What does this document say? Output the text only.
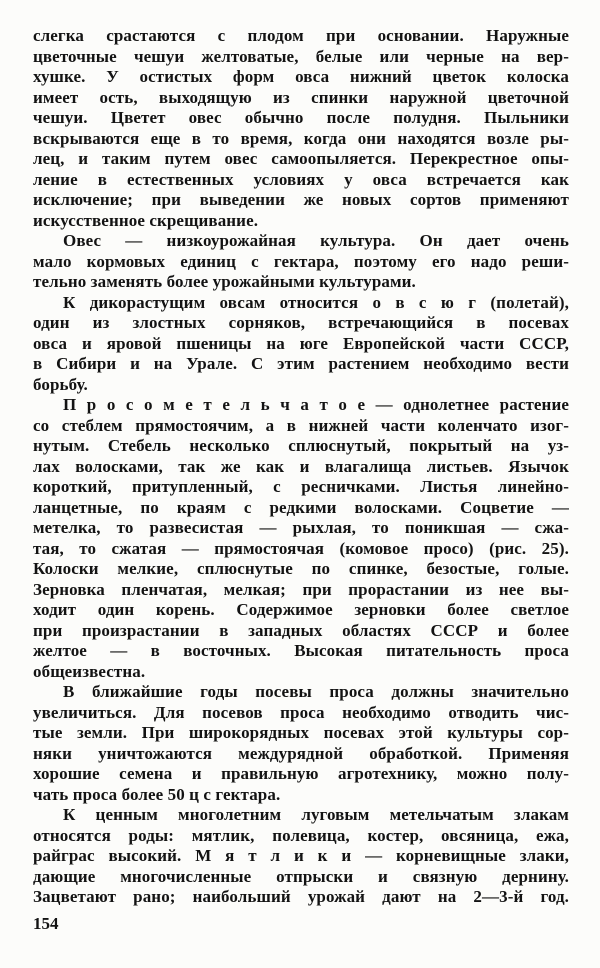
слегка срастаются с плодом при основании. Наружные
цветочные чешуи желтоватые, белые или черные на вер-
хушке. У остистых форм овса нижний цветок колоска
имеет ость, выходящую из спинки наружной цветочной
чешуи. Цветет овес обычно после полудня. Пыльники
вскрываются еще в то время, когда они находятся возле ры-
лец, и таким путем овес самоопыляется. Перекрестное опы-
ление в естественных условиях у овса встречается как
исключение; при выведении же новых сортов применяют
искусственное скрещивание.
Овес — низкоурожайная культура. Он дает очень
мало кормовых единиц с гектара, поэтому его надо реши-
тельно заменять более урожайными культурами.
К дикорастущим овсам относится о в с ю г (полетай),
один из злостных сорняков, встречающийся в посевах
овса и яровой пшеницы на юге Европейской части СССР,
в Сибири и на Урале. С этим растением необходимо вести
борьбу.
П р о с о м е т е л ь ч а т о е — однолетнее растение
со стеблем прямостоячим, а в нижней части коленчато изог-
нутым. Стебель несколько сплюснутый, покрытый на уз-
лах волосками, так же как и влагалища листьев. Язычок
короткий, притупленный, с ресничками. Листья линейно-
ланцетные, по краям с редкими волосками. Соцветие —
метелка, то развесистая — рыхлая, то поникшая — сжа-
тая, то сжатая — прямостоячая (комовое просо) (рис. 25).
Колоски мелкие, сплюснутые по спинке, безостые, голые.
Зерновка пленчатая, мелкая; при прорастании из нее вы-
ходит один корень. Содержимое зерновки более светлое
при произрастании в западных областях СССР и более
желтое — в восточных. Высокая питательность проса
общеизвестна.
В ближайшие годы посевы проса должны значительно
увеличиться. Для посевов проса необходимо отводить чис-
тые земли. При широкорядных посевах этой культуры сор-
няки уничтожаются междурядной обработкой. Применяя
хорошие семена и правильную агротехнику, можно полу-
чать проса более 50 ц с гектара.
К ценным многолетним луговым метельчатым злакам
относятся роды: мятлик, полевица, костер, овсяница, ежа,
райграс высокий. М я т л и к и — корневищные злаки,
дающие многочисленные отпрыски и связную дернину.
Зацветают рано; наибольший урожай дают на 2—3-й год.
154
